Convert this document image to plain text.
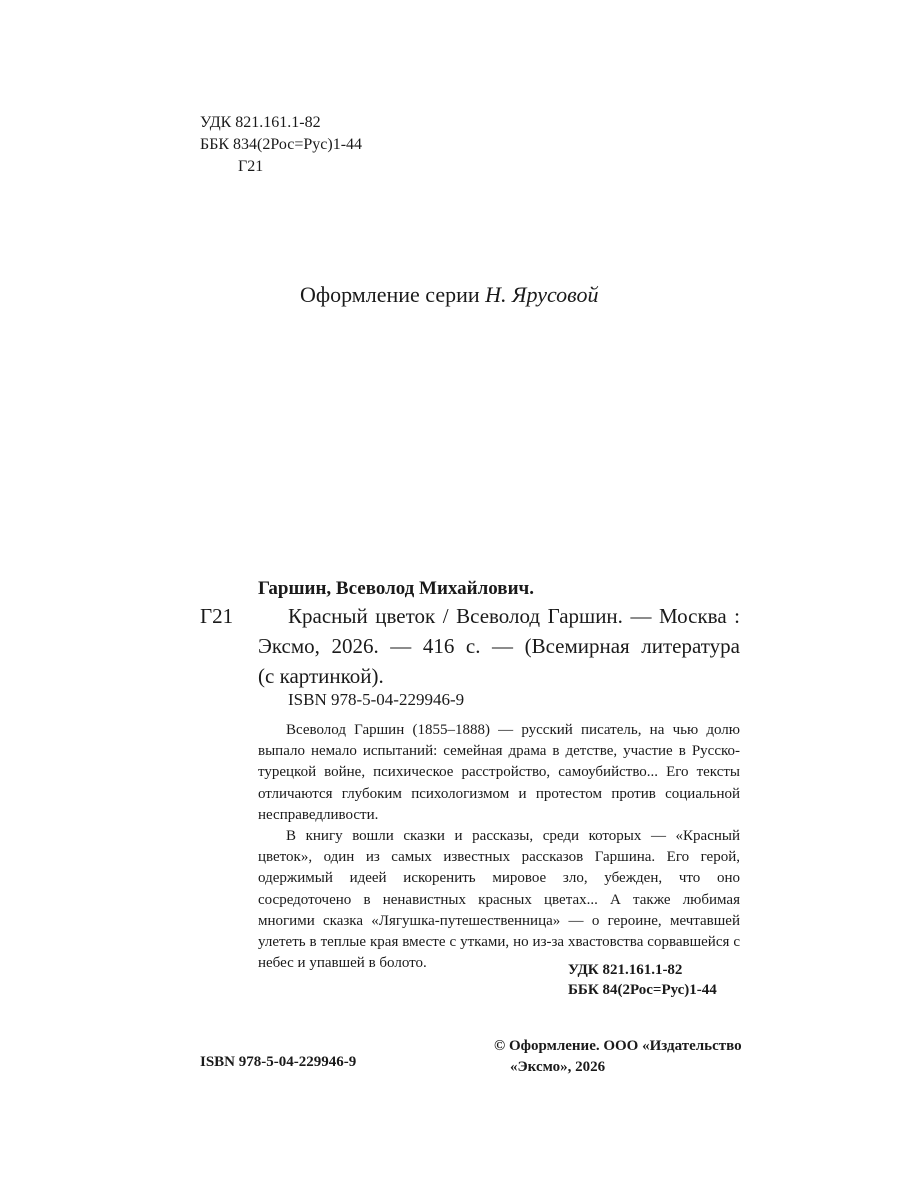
УДК 821.161.1-82
ББК 834(2Рос=Рус)1-44
Г21
Оформление серии Н. Ярусовой
Гаршин, Всеволод Михайлович.
Г21	Красный цветок / Всеволод Гаршин. — Москва :
Эксмо, 2026. — 416 с. — (Всемирная литература
(с картинкой).
ISBN 978-5-04-229946-9

Всеволод Гаршин (1855–1888) — русский писатель, на чью долю выпало немало испытаний: семейная драма в детстве, участие в Русско-турецкой войне, психическое расстройство, самоубийство... Его тексты отличаются глубоким психологизмом и протестом против социальной несправедливости.

В книгу вошли сказки и рассказы, среди которых — «Красный цветок», один из самых известных рассказов Гаршина. Его герой, одержимый идеей искоренить мировое зло, убежден, что оно сосредоточено в ненавистных красных цветах... А также любимая многими сказка «Лягушка-путешественница» — о героине, мечтавшей улететь в теплые края вместе с утками, но из-за хвастовства сорвавшейся с небес и упавшей в болото.	УДК 821.161.1-82
ББК 84(2Рос=Рус)1-44
ISBN 978-5-04-229946-9
© Оформление. ООО «Издательство
«Эксмо», 2026
